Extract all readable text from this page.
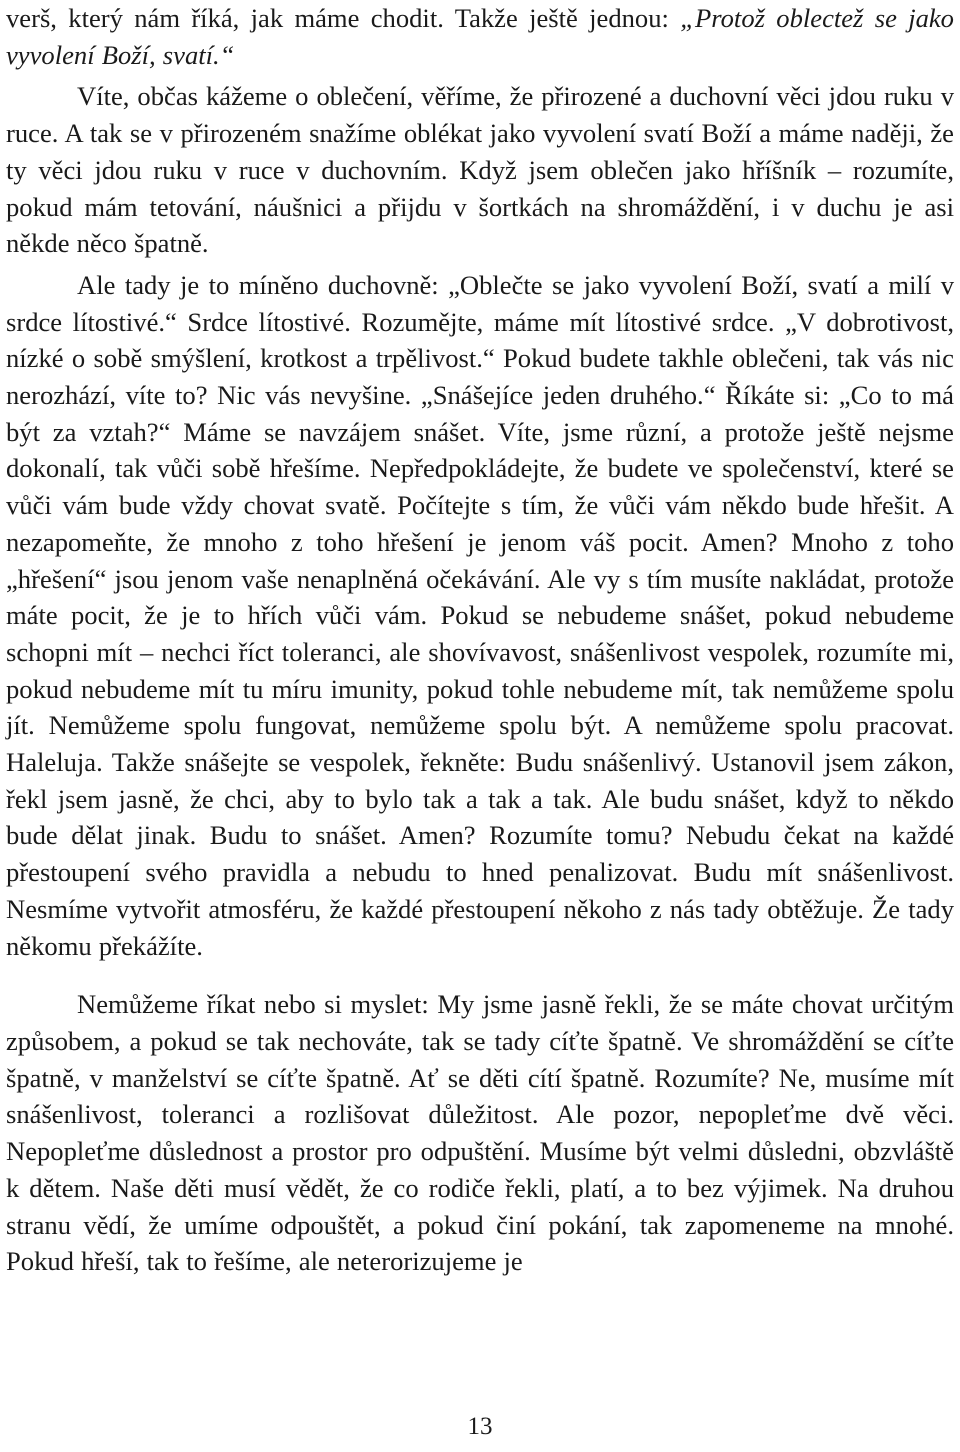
verš, který nám říká, jak máme chodit. Takže ještě jednou: „Protož oblectež se jako vyvolení Boží, svatí.“

Víte, občas kážeme o oblečení, věříme, že přirozené a duchovní věci jdou ruku v ruce. A tak se v přirozeném snažíme oblékat jako vyvolení svatí Boží a máme naději, že ty věci jdou ruku v ruce v duchovním. Když jsem oblečen jako hříšník – rozumíte, pokud mám tetování, náušnici a přijdu v šortkách na shromáždění, i v duchu je asi někde něco špatně.

Ale tady je to míněno duchovně: „Oblečte se jako vyvolení Boží, svatí a milí v srdce lítostivé.“ Srdce lítostivé. Rozumějte, máme mít lítostivé srdce. „V dobrotivost, nízké o sobě smýšlení, krotkost a trpělivost.“ Pokud budete takhle oblečeni, tak vás nic nerozhází, víte to? Nic vás nevyšine. „Snášejíce jeden druhého.“ Říkáte si: „Co to má být za vztah?“ Máme se navzájem snášet. Víte, jsme různí, a protože ještě nejsme dokonalí, tak vůči sobě hřešíme. Nepředpokládejte, že budete ve společenství, které se vůči vám bude vždy chovat svatě. Počítejte s tím, že vůči vám někdo bude hřešit. A nezapomeňte, že mnoho z toho hřešení je jenom váš pocit. Amen? Mnoho z toho „hřešení“ jsou jenom vaše nenaplněná očekávání. Ale vy s tím musíte nakládat, protože máte pocit, že je to hřích vůči vám. Pokud se nebudeme snášet, pokud nebudeme schopni mít – nechci říct toleranci, ale shovívavost, snášenlivost vespolek, rozumíte mi, pokud nebudeme mít tu míru imunity, pokud tohle nebudeme mít, tak nemůžeme spolu jít. Nemůžeme spolu fungovat, nemůžeme spolu být. A nemůžeme spolu pracovat. Haleluja. Takže snášejte se vespolek, řekněte: Budu snášenlivý. Ustanovil jsem zákon, řekl jsem jasně, že chci, aby to bylo tak a tak a tak. Ale budu snášet, když to někdo bude dělat jinak. Budu to snášet. Amen? Rozumíte tomu? Nebudu čekat na každé přestoupení svého pravidla a nebudu to hned penalizovat. Budu mít snášenlivost. Nesmíme vytvořit atmosféru, že každé přestoupení někoho z nás tady obtěžuje. Že tady někomu překážíte.

Nemůžeme říkat nebo si myslet: My jsme jasně řekli, že se máte chovat určitým způsobem, a pokud se tak nechováte, tak se tady cíťte špatně. Ve shromáždění se cíťte špatně, v manželství se cíťte špatně. Ať se děti cítí špatně. Rozumíte? Ne, musíme mít snášenlivost, toleranci a rozlišovat důležitost. Ale pozor, nepopleťme dvě věci. Nepopleťme důslednost a prostor pro odpuštění. Musíme být velmi důsledni, obzvláště k dětem. Naše děti musí vědět, že co rodiče řekli, platí, a to bez výjimek. Na druhou stranu vědí, že umíme odpouštět, a pokud činí pokání, tak zapomeneme na mnohé. Pokud hřeší, tak to řešíme, ale neterorizujeme je

13
